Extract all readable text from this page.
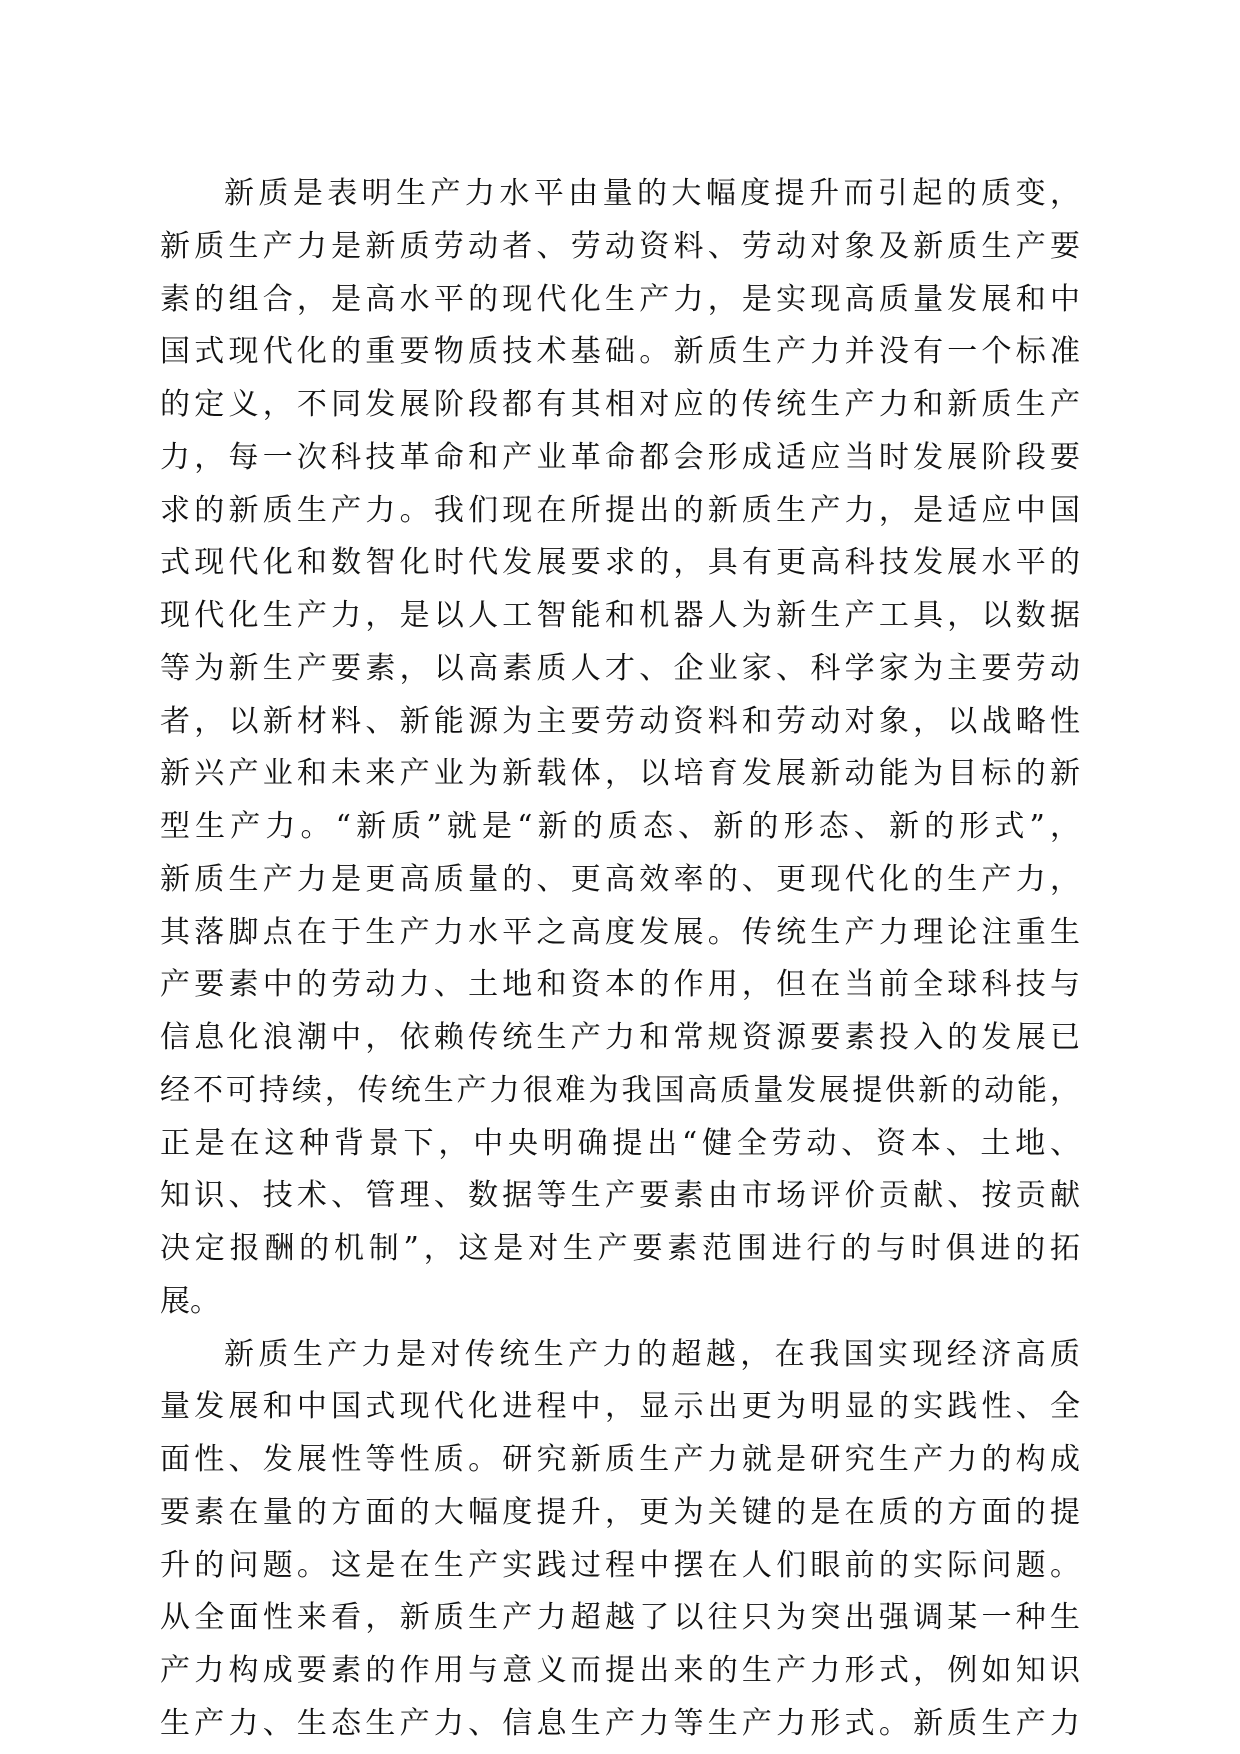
新质是表明生产力水平由量的大幅度提升而引起的质变，
新质生产力是新质劳动者、劳动资料、劳动对象及新质生产要
素的组合，是高水平的现代化生产力，是实现高质量发展和中
国式现代化的重要物质技术基础。新质生产力并没有一个标准
的定义，不同发展阶段都有其相对应的传统生产力和新质生产
力，每一次科技革命和产业革命都会形成适应当时发展阶段要
求的新质生产力。我们现在所提出的新质生产力，是适应中国
式现代化和数智化时代发展要求的，具有更高科技发展水平的
现代化生产力，是以人工智能和机器人为新生产工具，以数据
等为新生产要素，以高素质人才、企业家、科学家为主要劳动
者，以新材料、新能源为主要劳动资料和劳动对象，以战略性
新兴产业和未来产业为新载体，以培育发展新动能为目标的新
型生产力。“新质”就是“新的质态、新的形态、新的形式”，
新质生产力是更高质量的、更高效率的、更现代化的生产力，
其落脚点在于生产力水平之高度发展。传统生产力理论注重生
产要素中的劳动力、土地和资本的作用，但在当前全球科技与
信息化浪潮中，依赖传统生产力和常规资源要素投入的发展已
经不可持续，传统生产力很难为我国高质量发展提供新的动能，
正是在这种背景下，中央明确提出“健全劳动、资本、土地、
知识、技术、管理、数据等生产要素由市场评价贡献、按贡献
决定报酬的机制”，这是对生产要素范围进行的与时俱进的拓
展。
新质生产力是对传统生产力的超越，在我国实现经济高质
量发展和中国式现代化进程中，显示出更为明显的实践性、全
面性、发展性等性质。研究新质生产力就是研究生产力的构成
要素在量的方面的大幅度提升，更为关键的是在质的方面的提
升的问题。这是在生产实践过程中摆在人们眼前的实际问题。
从全面性来看，新质生产力超越了以往只为突出强调某一种生
产力构成要素的作用与意义而提出来的生产力形式，例如知识
生产力、生态生产力、信息生产力等生产力形式。新质生产力
